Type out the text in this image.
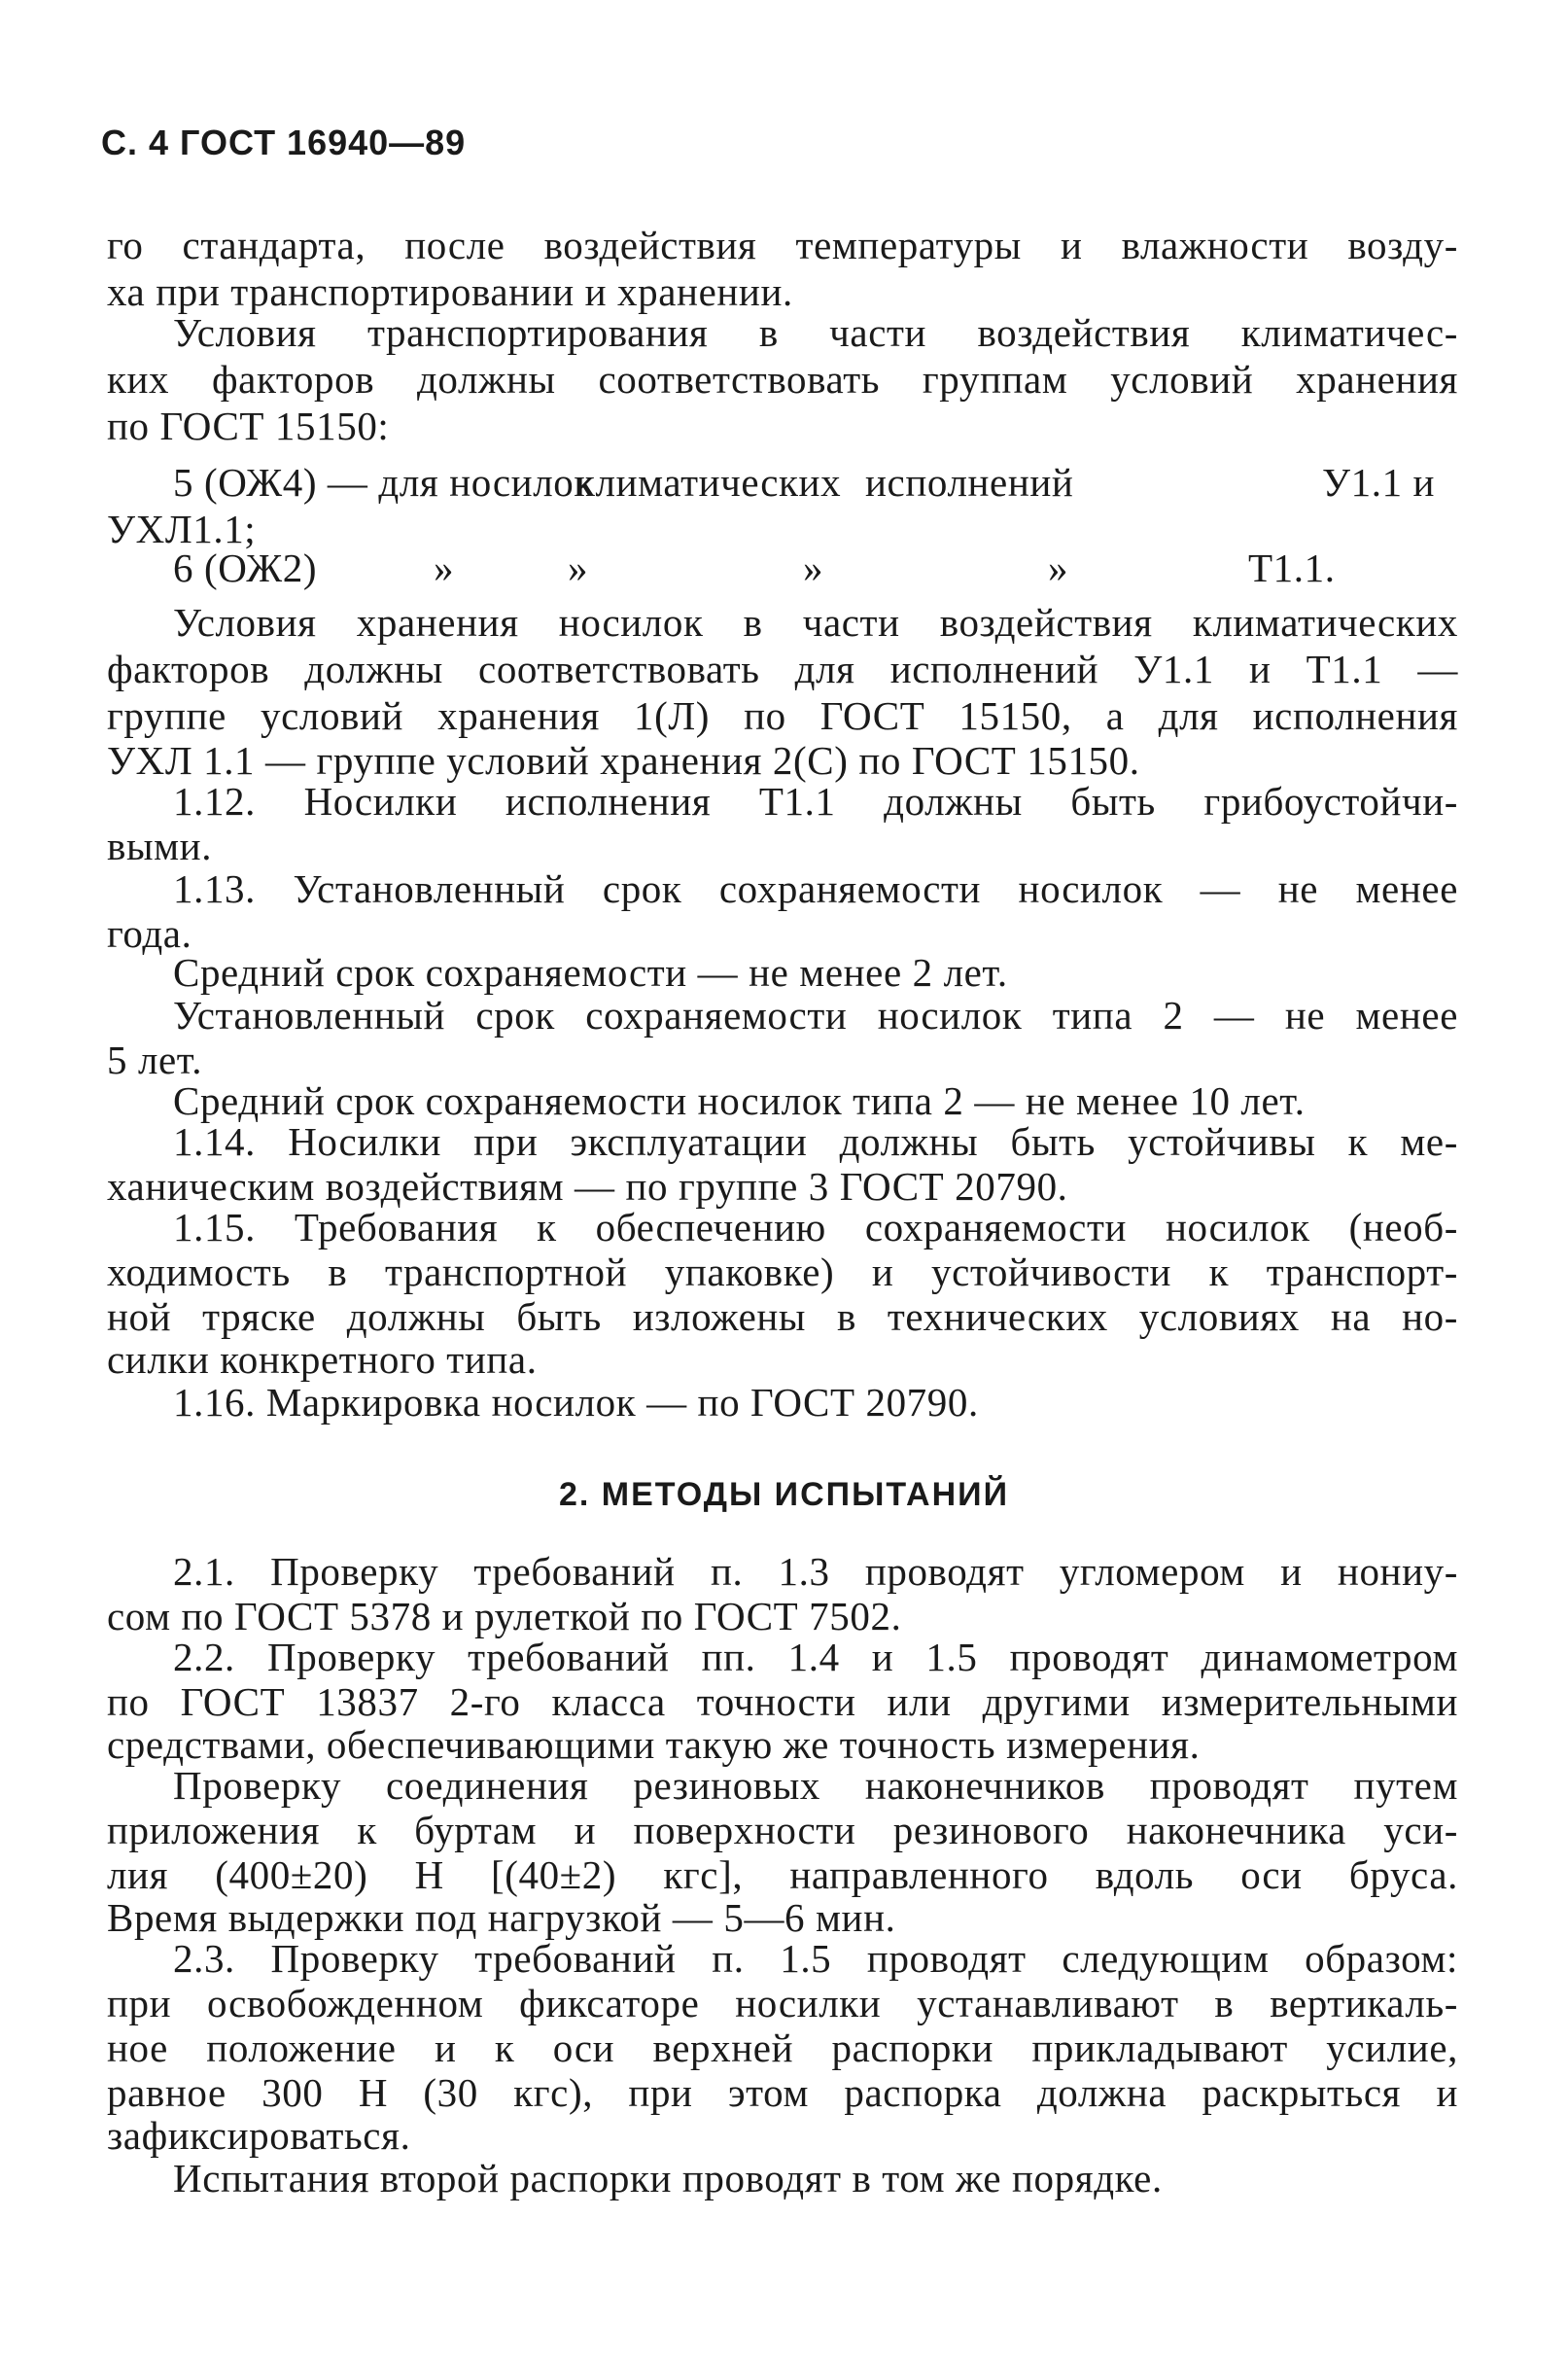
С. 4 ГОСТ 16940—89
го стандарта, после воздействия температуры и влажности возду-
ха при транспортировании и хранении.
Условия транспортирования в части воздействия климатичес-
ких факторов должны соответствовать группам условий хранения
по ГОСТ 15150:
5 (ОЖ4) — для носилок
климатических исполнений	У1.1 и
УХЛ1.1;
6 (ОЖ2)	»	»	»	»	Т1.1.
Условия хранения носилок в части воздействия климатических
факторов должны соответствовать для исполнений У1.1 и Т1.1 —
группе условий хранения 1(Л) по ГОСТ 15150, а для исполнения
УХЛ 1.1 — группе условий хранения 2(С) по ГОСТ 15150.
1.12. Носилки исполнения Т1.1 должны быть грибоустойчи-
выми.
1.13. Установленный срок сохраняемости носилок — не менее
года.
Средний срок сохраняемости — не менее 2 лет.
Установленный срок сохраняемости носилок типа 2 — не менее
5 лет.
Средний срок сохраняемости носилок типа 2 — не менее 10 лет.
1.14. Носилки при эксплуатации должны быть устойчивы к ме-
ханическим воздействиям — по группе 3 ГОСТ 20790.
1.15. Требования к обеспечению сохраняемости носилок (необ-
ходимость в транспортной упаковке) и устойчивости к транспорт-
ной тряске должны быть изложены в технических условиях на но-
силки конкретного типа.
1.16. Маркировка носилок — по ГОСТ 20790.
2. МЕТОДЫ ИСПЫТАНИЙ
2.1. Проверку требований п. 1.3 проводят угломером и нониу-
сом по ГОСТ 5378 и рулеткой по ГОСТ 7502.
2.2. Проверку требований пп. 1.4 и 1.5 проводят динамометром
по ГОСТ 13837 2-го класса точности или другими измерительными
средствами, обеспечивающими такую же точность измерения.
Проверку соединения резиновых наконечников проводят путем
приложения к буртам и поверхности резинового наконечника уси-
лия (400±20) Н [(40±2) кгс], направленного вдоль оси бруса.
Время выдержки под нагрузкой — 5—6 мин.
2.3. Проверку требований п. 1.5 проводят следующим образом:
при освобожденном фиксаторе носилки устанавливают в вертикаль-
ное положение и к оси верхней распорки прикладывают усилие,
равное 300 Н (30 кгс), при этом распорка должна раскрыться и
зафиксироваться.
Испытания второй распорки проводят в том же порядке.
